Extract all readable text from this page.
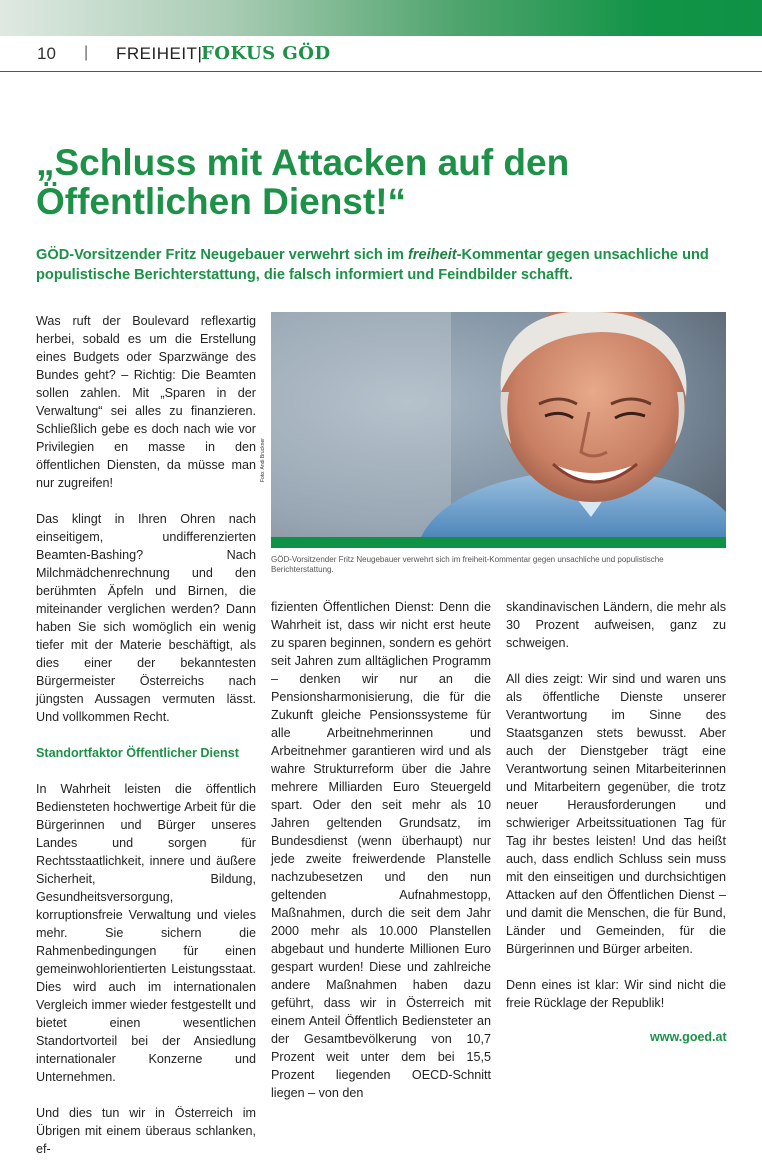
10 | FREIHEIT|
FOKUS GÖD
„Schluss mit Attacken auf den Öffentlichen Dienst!“

GÖD-Vorsitzender Fritz Neugebauer verwehrt sich im freiheit-Kommentar gegen unsachliche und populistische Berichterstattung, die falsch informiert und Feindbilder schafft.

Was ruft der Boulevard reflexartig herbei, sobald es um die Erstellung eines Budgets oder Sparzwänge des Bundes geht? – Richtig: Die Beamten sollen zahlen. Mit „Sparen in der Verwaltung“ sei alles zu finanzieren. Schließlich gebe es doch nach wie vor Privilegien en masse in den öffentlichen Diensten, da müsse man nur zugreifen!

Das klingt in Ihren Ohren nach einseitigem, undifferenzierten Beamten-Bashing? Nach Milchmädchenrechnung und den berühmten Äpfeln und Birnen, die miteinander verglichen werden? Dann haben Sie sich womöglich ein wenig tiefer mit der Materie beschäftigt, als dies einer der bekanntesten Bürgermeister Österreichs nach jüngsten Aussagen vermuten lässt. Und vollkommen Recht.

Standortfaktor Öffentlicher Dienst

In Wahrheit leisten die öffentlich Bediensteten hochwertige Arbeit für die Bürgerinnen und Bürger unseres Landes und sorgen für Rechtsstaatlichkeit, innere und äußere Sicherheit, Bildung, Gesundheitsversorgung, korruptionsfreie Verwaltung und vieles mehr. Sie sichern die Rahmenbedingungen für einen gemeinwohlorientierten Leistungsstaat. Dies wird auch im internationalen Vergleich immer wieder festgestellt und bietet einen wesentlichen Standortvorteil bei der Ansiedlung internationaler Konzerne und Unternehmen.

Und dies tun wir in Österreich im Übrigen mit einem überaus schlanken, ef-

Foto: Andi Bruckner
GÖD-Vorsitzender Fritz Neugebauer verwehrt sich im freiheit-Kommentar gegen unsachliche und populistische Berichterstattung.

fizienten Öffentlichen Dienst: Denn die Wahrheit ist, dass wir nicht erst heute zu sparen beginnen, sondern es gehört seit Jahren zum alltäglichen Programm – denken wir nur an die Pensionsharmonisierung, die für die Zukunft gleiche Pensionssysteme für alle Arbeitnehmerinnen und Arbeitnehmer garantieren wird und als wahre Strukturreform über die Jahre mehrere Milliarden Euro Steuergeld spart. Oder den seit mehr als 10 Jahren geltenden Grundsatz, im Bundesdienst (wenn überhaupt) nur jede zweite freiwerdende Planstelle nachzubesetzen und den nun geltenden Aufnahmestopp, Maßnahmen, durch die seit dem Jahr 2000 mehr als 10.000 Planstellen abgebaut und hunderte Millionen Euro gespart wurden! Diese und zahlreiche andere Maßnahmen haben dazu geführt, dass wir in Österreich mit einem Anteil Öffentlich Bediensteter an der Gesamtbevölkerung von 10,7 Prozent weit unter dem bei 15,5 Prozent liegenden OECD-Schnitt liegen – von den

skandinavischen Ländern, die mehr als 30 Prozent aufweisen, ganz zu schweigen.

All dies zeigt: Wir sind und waren uns als öffentliche Dienste unserer Verantwortung im Sinne des Staatsganzen stets bewusst. Aber auch der Dienstgeber trägt eine Verantwortung seinen Mitarbeiterinnen und Mitarbeitern gegenüber, die trotz neuer Herausforderungen und schwieriger Arbeitssituationen Tag für Tag ihr bestes leisten! Und das heißt auch, dass endlich Schluss sein muss mit den einseitigen und durchsichtigen Attacken auf den Öffentlichen Dienst – und damit die Menschen, die für Bund, Länder und Gemeinden, für die Bürgerinnen und Bürger arbeiten.

Denn eines ist klar: Wir sind nicht die freie Rücklage der Republik!

www.goed.at
